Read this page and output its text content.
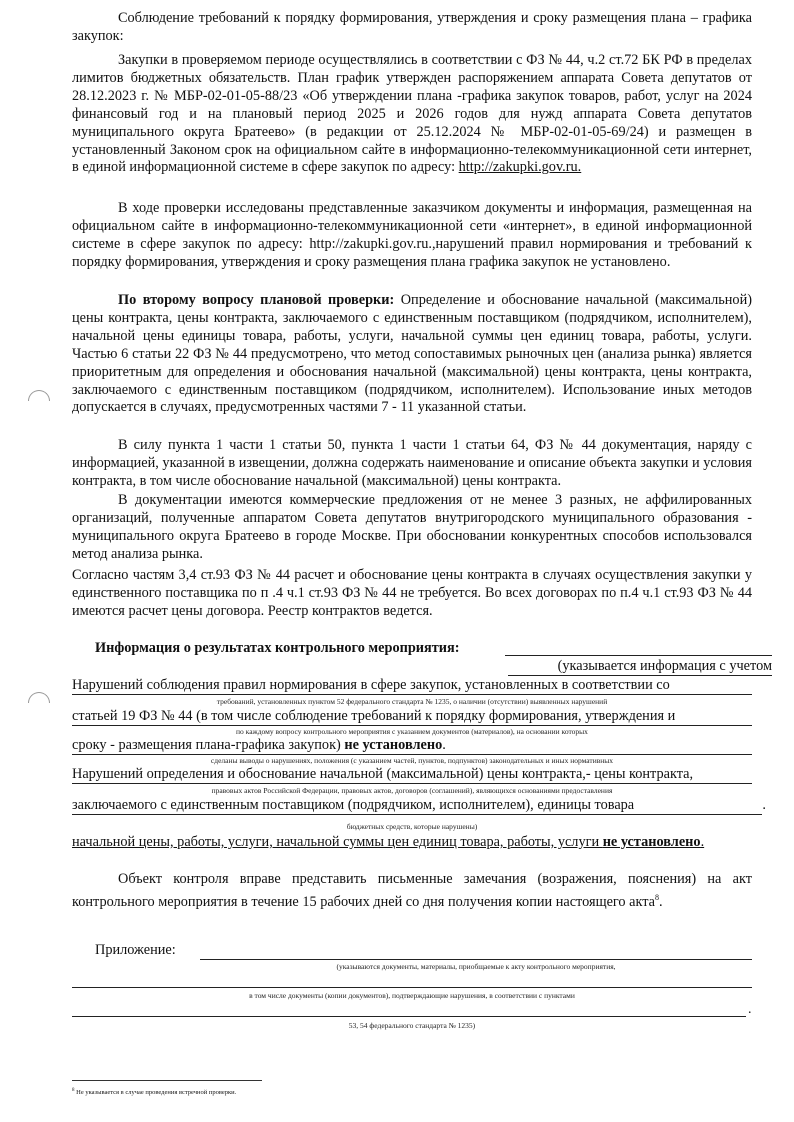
Соблюдение требований к порядку формирования, утверждения и сроку размещения плана – графика закупок:
Закупки в проверяемом периоде осуществлялись в соответствии с ФЗ № 44, ч.2 ст.72 БК РФ в пределах лимитов бюджетных обязательств. План график утвержден распоряжением аппарата Совета депутатов от 28.12.2023 г. № МБР-02-01-05-88/23 «Об утверждении плана -графика закупок товаров, работ, услуг на 2024 финансовый год и на плановый период 2025 и 2026 годов для нужд аппарата Совета депутатов муниципального округа Братеево» (в редакции от 25.12.2024 № МБР-02-01-05-69/24) и размещен в установленный Законом срок на официальном сайте в информационно-телекоммуникационной сети интернет, в единой информационной системе в сфере закупок по адресу: http://zakupki.gov.ru.
В ходе проверки исследованы представленные заказчиком документы и информация, размещенная на официальном сайте в информационно-телекоммуникационной сети «интернет», в единой информационной системе в сфере закупок по адресу: http://zakupki.gov.ru.,нарушений правил нормирования и требований к порядку формирования, утверждения и сроку размещения плана графика закупок не установлено.
По второму вопросу плановой проверки: Определение и обоснование начальной (максимальной) цены контракта, цены контракта, заключаемого с единственным поставщиком (подрядчиком, исполнителем), начальной цены единицы товара, работы, услуги, начальной суммы цен единиц товара, работы, услуги. Частью 6 статьи 22 ФЗ № 44 предусмотрено, что метод сопоставимых рыночных цен (анализа рынка) является приоритетным для определения и обоснования начальной (максимальной) цены контракта, цены контракта, заключаемого с единственным поставщиком (подрядчиком, исполнителем). Использование иных методов допускается в случаях, предусмотренных частями 7 - 11 указанной статьи.
В силу пункта 1 части 1 статьи 50, пункта 1 части 1 статьи 64, ФЗ № 44 документация, наряду с информацией, указанной в извещении, должна содержать наименование и описание объекта закупки и условия контракта, в том числе обоснование начальной (максимальной) цены контракта.
В документации имеются коммерческие предложения от не менее 3 разных, не аффилированных организаций, полученные аппаратом Совета депутатов внутригородского муниципального образования - муниципального округа Братеево в городе Москве. При обосновании конкурентных способов использовался метод анализа рынка.
Согласно частям 3,4 ст.93 ФЗ № 44 расчет и обоснование цены контракта в случаях осуществления закупки у единственного поставщика по п .4 ч.1 ст.93 ФЗ № 44 не требуется. Во всех договорах по п.4 ч.1 ст.93 ФЗ № 44 имеются расчет цены договора. Реестр контрактов ведется.
Информация о результатах контрольного мероприятия:
(указывается информация с учетом
Нарушений соблюдения правил нормирования в сфере закупок, установленных в соответствии со
требований, установленных пунктом 52 федерального стандарта № 1235, о наличии (отсутствии) выявленных нарушений
статьей 19 ФЗ № 44 (в том числе соблюдение требований к порядку формирования, утверждения и
по каждому вопросу контрольного мероприятия с указанием документов (материалов), на основании которых
сроку - размещения плана-графика закупок) не установлено.
сделаны выводы о нарушениях, положения (с указанием частей, пунктов, подпунктов) законодательных и иных нормативных
Нарушений определения и обоснование начальной (максимальной) цены контракта,- цены контракта,
правовых актов Российской Федерации, правовых актов, договоров (соглашений), являющихся основаниями предоставления
заключаемого с единственным поставщиком (подрядчиком, исполнителем), единицы товара	.
бюджетных средств, которые нарушены)
начальной цены, работы, услуги, начальной суммы цен единиц товара, работы, услуги не установлено.
Объект контроля вправе представить письменные замечания (возражения, пояснения) на акт контрольного мероприятия в течение 15 рабочих дней со дня получения копии настоящего акта$^8$.
Приложение:
(указываются документы, материалы, приобщаемые к акту контрольного мероприятия,
в том числе документы (копии документов), подтверждающие нарушения, в соответствии с пунктами
.
53, 54 федерального стандарта № 1235)
$^8$ Не указывается в случае проведения встречной проверки.
